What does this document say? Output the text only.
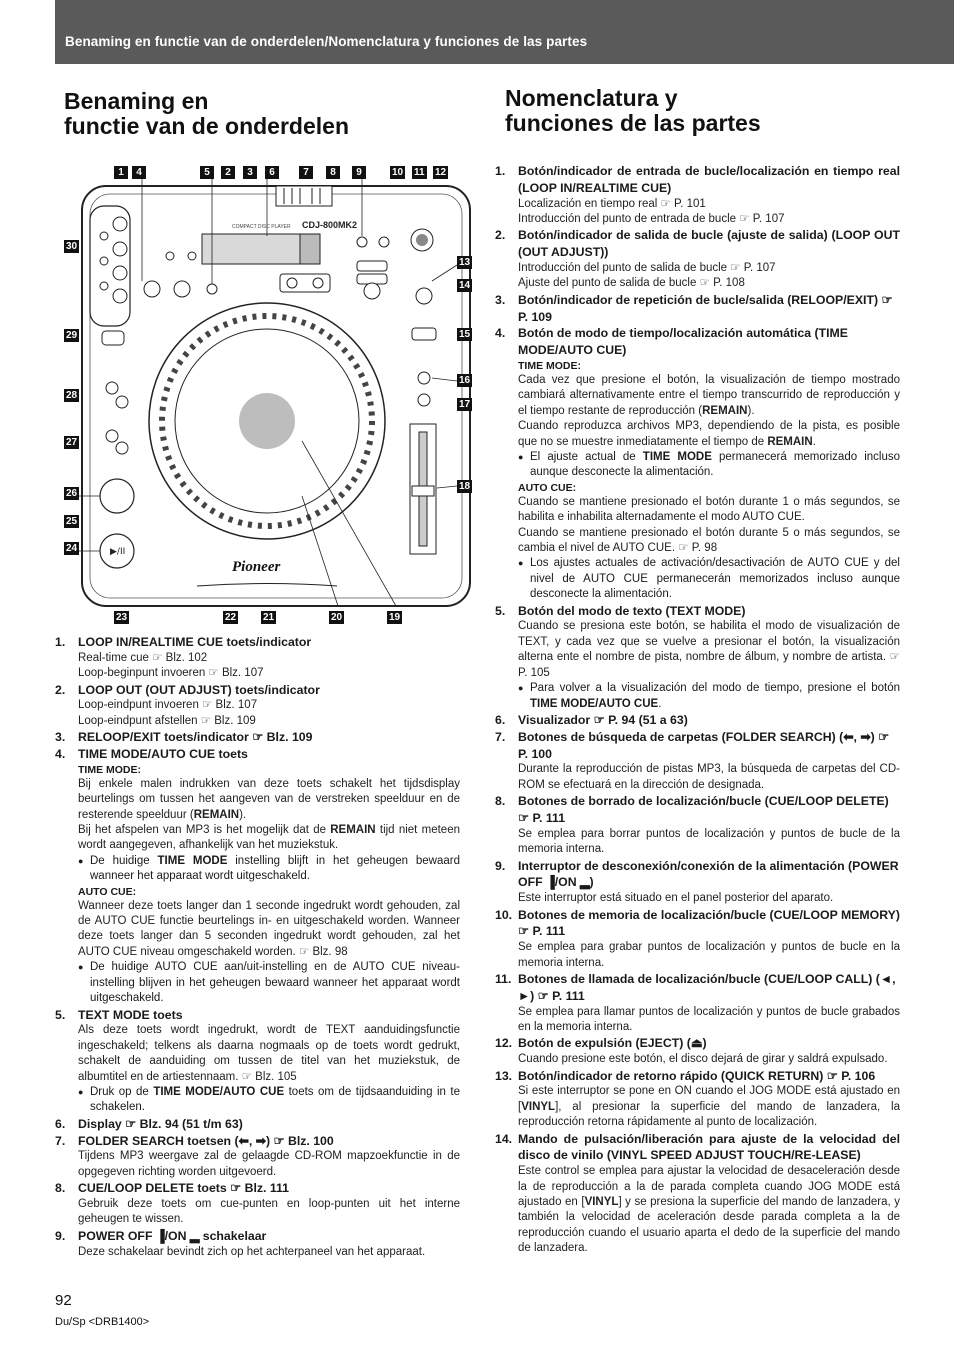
Benaming en functie van de onderdelen/Nomenclatura y funciones de las partes
Benaming en
functie van de onderdelen
Nomenclatura y
funciones de las partes
CDJ-800MK2
COMPACT DISC PLAYER
▶/II
Pioneer
1	4	5	2	3	6	7	8	9	10 11 12
13
14
15
16
17
18
30
29
28
27
26
25
24
23	22	21	20	19
1. LOOP IN/REALTIME CUE toets/indicator
Real-time cue ☞ Blz. 102
Loop-beginpunt invoeren ☞ Blz. 107
2. LOOP OUT (OUT ADJUST) toets/indicator
Loop-eindpunt invoeren ☞ Blz. 107
Loop-eindpunt afstellen ☞ Blz. 109
3. RELOOP/EXIT toets/indicator ☞ Blz. 109
4. TIME MODE/AUTO CUE toets
TIME MODE:
Bij enkele malen indrukken van deze toets schakelt het tijdsdisplay beurtelings om tussen het aangeven van de verstreken speelduur en de resterende speelduur (REMAIN).
Bij het afspelen van MP3 is het mogelijk dat de REMAIN tijd niet meteen wordt aangegeven, afhankelijk van het muziekstuk.
● De huidige TIME MODE instelling blijft in het geheugen bewaard wanneer het apparaat wordt uitgeschakeld.
AUTO CUE:
Wanneer deze toets langer dan 1 seconde ingedrukt wordt gehouden, zal de AUTO CUE functie beurtelings in- en uitgeschakeld worden. Wanneer deze toets langer dan 5 seconden ingedrukt wordt gehouden, zal het AUTO CUE niveau omgeschakeld worden. ☞ Blz. 98
● De huidige AUTO CUE aan/uit-instelling en de AUTO CUE niveau-instelling blijven in het geheugen bewaard wanneer het apparaat wordt uitgeschakeld.
5. TEXT MODE toets
Als deze toets wordt ingedrukt, wordt de TEXT aanduidingsfunctie ingeschakeld; telkens als daarna nogmaals op de toets wordt gedrukt, schakelt de aanduiding om tussen de titel van het muziekstuk, de albumtitel en de artiestennaam. ☞ Blz. 105
● Druk op de TIME MODE/AUTO CUE toets om de tijdsaanduiding in te schakelen.
6. Display ☞ Blz. 94 (51 t/m 63)
7. FOLDER SEARCH toetsen (⬅, ➡) ☞ Blz. 100
Tijdens MP3 weergave zal de gelaagde CD-ROM mapzoekfunctie in de opgegeven richting worden uitgevoerd.
8. CUE/LOOP DELETE toets ☞ Blz. 111
Gebruik deze toets om cue-punten en loop-punten uit het interne geheugen te wissen.
9. POWER OFF ▐/ON ▂ schakelaar
Deze schakelaar bevindt zich op het achterpaneel van het apparaat.
1. Botón/indicador de entrada de bucle/localización en tiempo real (LOOP IN/REALTIME CUE)
Localización en tiempo real ☞ P. 101
Introducción del punto de entrada de bucle ☞ P. 107
2. Botón/indicador de salida de bucle (ajuste de salida) (LOOP OUT (OUT ADJUST))
Introducción del punto de salida de bucle ☞ P. 107
Ajuste del punto de salida de bucle ☞ P. 108
3. Botón/indicador de repetición de bucle/salida (RELOOP/EXIT) ☞ P. 109
4. Botón de modo de tiempo/localización automática (TIME MODE/AUTO CUE)
TIME MODE:
Cada vez que presione el botón, la visualización de tiempo mostrado cambiará alternativamente entre el tiempo transcurrido de reproducción y el tiempo restante de reproducción (REMAIN).
Cuando reproduzca archivos MP3, dependiendo de la pista, es posible que no se muestre inmediatamente el tiempo de REMAIN.
● El ajuste actual de TIME MODE permanecerá memorizado incluso aunque desconecte la alimentación.
AUTO CUE:
Cuando se mantiene presionado el botón durante 1 o más segundos, se habilita e inhabilita alternadamente el modo AUTO CUE.
Cuando se mantiene presionado el botón durante 5 o más segundos, se cambia el nivel de AUTO CUE. ☞ P. 98
● Los ajustes actuales de activación/desactivación de AUTO CUE y del nivel de AUTO CUE permanecerán memorizados incluso aunque desconecte la alimentación.
5. Botón del modo de texto (TEXT MODE)
Cuando se presiona este botón, se habilita el modo de visualización de TEXT, y cada vez que se vuelve a presionar el botón, la visualización alterna ente el nombre de pista, nombre de álbum, y nombre de artista. ☞ P. 105
● Para volver a la visualización del modo de tiempo, presione el botón TIME MODE/AUTO CUE.
6. Visualizador ☞ P. 94 (51 a 63)
7. Botones de búsqueda de carpetas (FOLDER SEARCH) (⬅, ➡) ☞ P. 100
Durante la reproducción de pistas MP3, la búsqueda de carpetas del CD-ROM se efectuará en la dirección de designada.
8. Botones de borrado de localización/bucle (CUE/LOOP DELETE) ☞ P. 111
Se emplea para borrar puntos de localización y puntos de bucle de la memoria interna.
9. Interruptor de desconexión/conexión de la alimentación (POWER OFF ▐/ON ▂)
Este interruptor está situado en el panel posterior del aparato.
10. Botones de memoria de localización/bucle (CUE/LOOP MEMORY) ☞ P. 111
Se emplea para grabar puntos de localización y puntos de bucle en la memoria interna.
11. Botones de llamada de localización/bucle (CUE/LOOP CALL) (◄, ►) ☞ P. 111
Se emplea para llamar puntos de localización y puntos de bucle grabados en la memoria interna.
12. Botón de expulsión (EJECT) (⏏)
Cuando presione este botón, el disco dejará de girar y saldrá expulsado.
13. Botón/indicador de retorno rápido (QUICK RETURN) ☞ P. 106
Si este interruptor se pone en ON cuando el JOG MODE está ajustado en [VINYL], al presionar la superficie del mando de lanzadera, la reproducción retorna rápidamente al punto de localización.
14. Mando de pulsación/liberación para ajuste de la velocidad del disco de vinilo (VINYL SPEED ADJUST TOUCH/RE-LEASE)
Este control se emplea para ajustar la velocidad de desaceleración desde la de reproducción a la de parada completa cuando JOG MODE está ajustado en [VINYL] y se presiona la superficie del mando de lanzadera, y también la velocidad de aceleración desde parada completa a la de reproducción cuando el usuario aparta el dedo de la superficie del mando de lanzadera.
92
Du/Sp <DRB1400>
